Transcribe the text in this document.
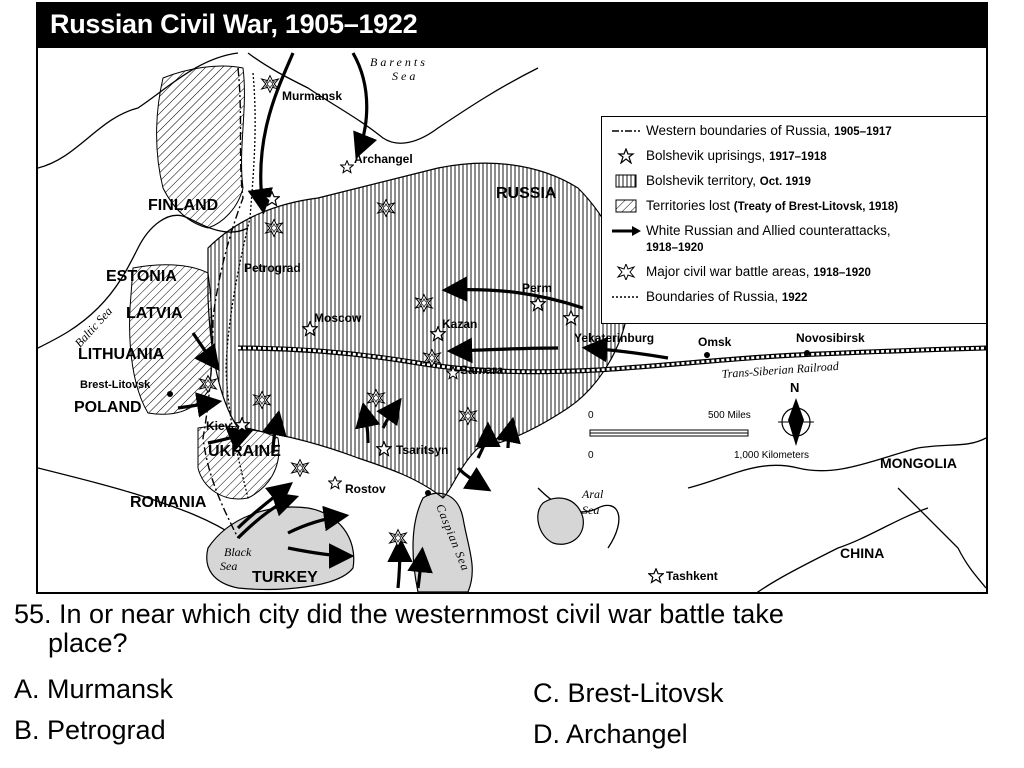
Russian Civil War, 1905–1922
FINLAND
ESTONIA
LATVIA
LITHUANIA
POLAND
UKRAINE
ROMANIA
TURKEY
RUSSIA
MONGOLIA
CHINA
Murmansk
Archangel
Petrograd
Moscow	Kazan
Perm
Yekaterinburg
Samara
Omsk	Novosibirsk
Brest-Litovsk
Kiev
Tsaritsyn
Rostov
Tashkent
Barents
Sea
Baltic Sea
Black
Sea	Caspian Sea
Aral
Sea
Trans-Siberian Railroad
N
0	500 Miles
0	1,000 Kilometers
Western boundaries of Russia, 1905–1917
Bolshevik uprisings, 1917–1918
Bolshevik territory, Oct. 1919
Territories lost (Treaty of Brest-Litovsk, 1918)
White Russian and Allied counterattacks,
1918–1920
Major civil war battle areas, 1918–1920
Boundaries of Russia, 1922
55. In or near which city did the westernmost civil war battle take
place?
A. Murmansk
B. Petrograd
C. Brest-Litovsk
D. Archangel
